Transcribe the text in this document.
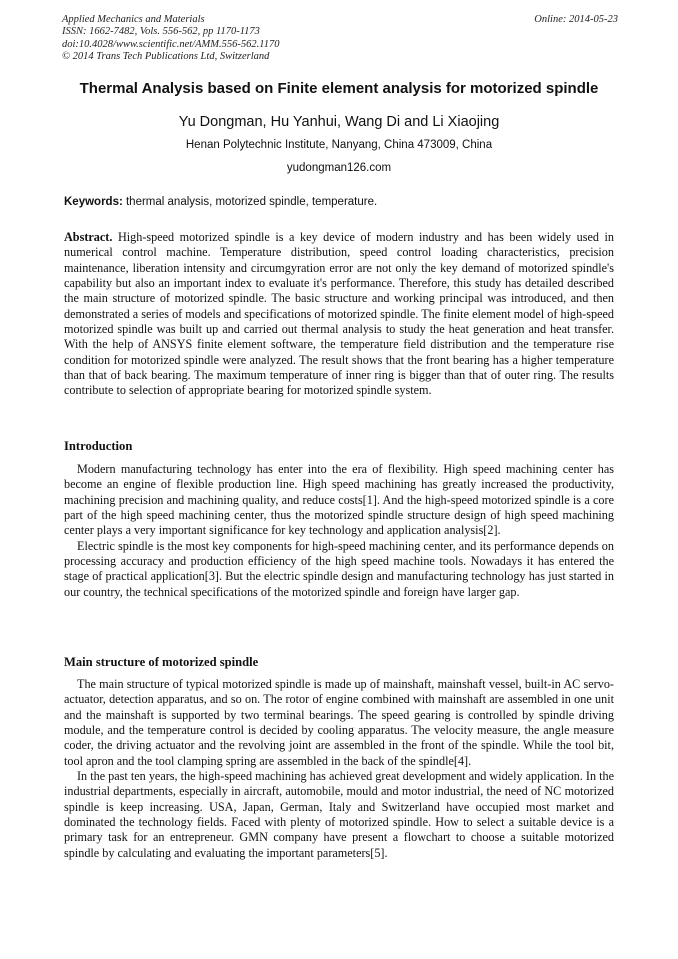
Applied Mechanics and Materials
ISSN: 1662-7482, Vols. 556-562, pp 1170-1173
doi:10.4028/www.scientific.net/AMM.556-562.1170
© 2014 Trans Tech Publications Ltd, Switzerland
Online: 2014-05-23
Thermal Analysis based on Finite element analysis for motorized spindle
Yu Dongman, Hu Yanhui, Wang Di and Li Xiaojing
Henan Polytechnic Institute, Nanyang, China 473009, China
yudongman126.com
Keywords: thermal analysis, motorized spindle, temperature.
Abstract. High-speed motorized spindle is a key device of modern industry and has been widely used in numerical control machine. Temperature distribution, speed control loading characteristics, precision maintenance, liberation intensity and circumgyration error are not only the key demand of motorized spindle's capability but also an important index to evaluate it's performance. Therefore, this study has detailed described the main structure of motorized spindle. The basic structure and working principal was introduced, and then demonstrated a series of models and specifications of motorized spindle. The finite element model of high-speed motorized spindle was built up and carried out thermal analysis to study the heat generation and heat transfer. With the help of ANSYS finite element software, the temperature field distribution and the temperature rise condition for motorized spindle were analyzed. The result shows that the front bearing has a higher temperature than that of back bearing. The maximum temperature of inner ring is bigger than that of outer ring. The results contribute to selection of appropriate bearing for motorized spindle system.
Introduction

Modern manufacturing technology has enter into the era of flexibility. High speed machining center has become an engine of flexible production line. High speed machining has greatly increased the productivity, machining precision and machining quality, and reduce costs[1]. And the high-speed motorized spindle is a core part of the high speed machining center, thus the motorized spindle structure design of high speed machining center plays a very important significance for key technology and application analysis[2].

Electric spindle is the most key components for high-speed machining center, and its performance depends on processing accuracy and production efficiency of the high speed machine tools. Nowadays it has entered the stage of practical application[3]. But the electric spindle design and manufacturing technology has just started in our country, the technical specifications of the motorized spindle and foreign have larger gap.

Main structure of motorized spindle

The main structure of typical motorized spindle is made up of mainshaft, mainshaft vessel, built-in AC servo-actuator, detection apparatus, and so on. The rotor of engine combined with mainshaft are assembled in one unit and the mainshaft is supported by two terminal bearings. The speed gearing is controlled by spindle driving module, and the temperature control is decided by cooling apparatus. The velocity measure, the angle measure coder, the driving actuator and the revolving joint are assembled in the front of the spindle. While the tool bit, tool apron and the tool clamping spring are assembled in the back of the spindle[4].

In the past ten years, the high-speed machining has achieved great development and widely application. In the industrial departments, especially in aircraft, automobile, mould and motor industrial, the need of NC motorized spindle is keep increasing. USA, Japan, German, Italy and Switzerland have occupied most market and dominated the technology fields. Faced with plenty of motorized spindle. How to select a suitable device is a primary task for an entrepreneur. GMN company have present a flowchart to choose a suitable motorized spindle by calculating and evaluating the important parameters[5].
